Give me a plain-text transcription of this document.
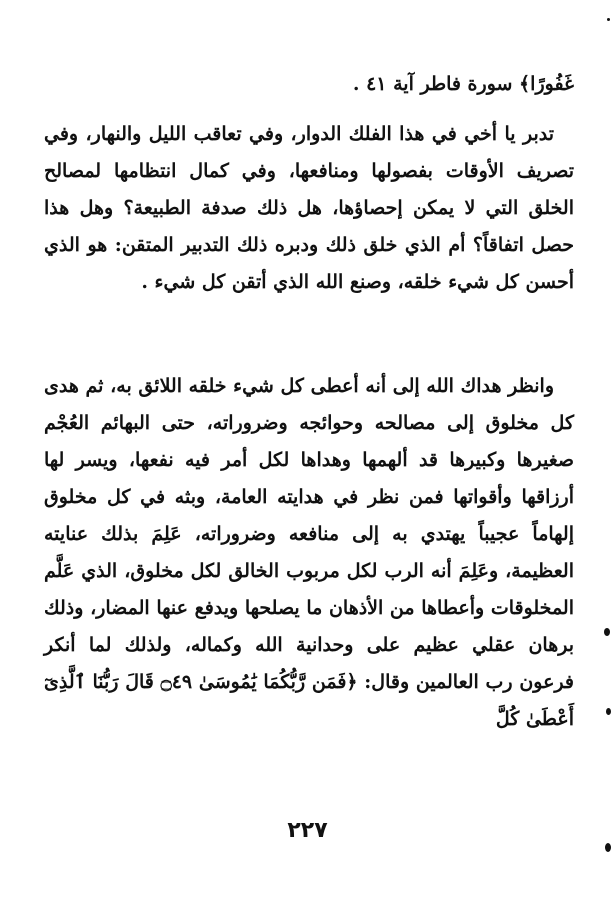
غَفُورًا﴾ سورة فاطر آية ٤١ .

تدبر يا أخي في هذا الفلك الدوار، وفي تعاقب الليل والنهار، وفي تصريف الأوقات بفصولها ومنافعها، وفي كمال انتظامها لمصالح الخلق التي لا يمكن إحصاؤها، هل ذلك صدفة الطبيعة؟ وهل هذا حصل اتفاقاً؟ أم الذي خلق ذلك ودبره ذلك التدبير المتقن: هو الذي أحسن كل شيء خلقه، وصنع الله الذي أتقن كل شيء .

وانظر هداك الله إلى أنه أعطى كل شيء خلقه اللائق به، ثم هدى كل مخلوق إلى مصالحه وحوائجه وضروراته، حتى البهائم العُجْم صغيرها وكبيرها قد ألهمها وهداها لكل أمر فيه نفعها، ويسر لها أرزاقها وأقواتها فمن نظر في هدايته العامة، وبثه في كل مخلوق إلهاماً عجيباً يهتدي به إلى منافعه وضروراته، عَلِمَ بذلك عنايته العظيمة، وعَلِمَ أنه الرب لكل مربوب الخالق لكل مخلوق، الذي عَلَّم المخلوقات وأعطاها من الأذهان ما يصلحها ويدفع عنها المضار، وذلك برهان عقلي عظيم على وحدانية الله وكماله، ولذلك لما أنكر فرعون رب العالمين وقال: ﴿فَمَن رَّبُّكُمَا يَٰمُوسَىٰ ۝٤٩ قَالَ رَبُّنَا ٱلَّذِىٓ أَعْطَىٰ كُلَّ

٢٢٧
